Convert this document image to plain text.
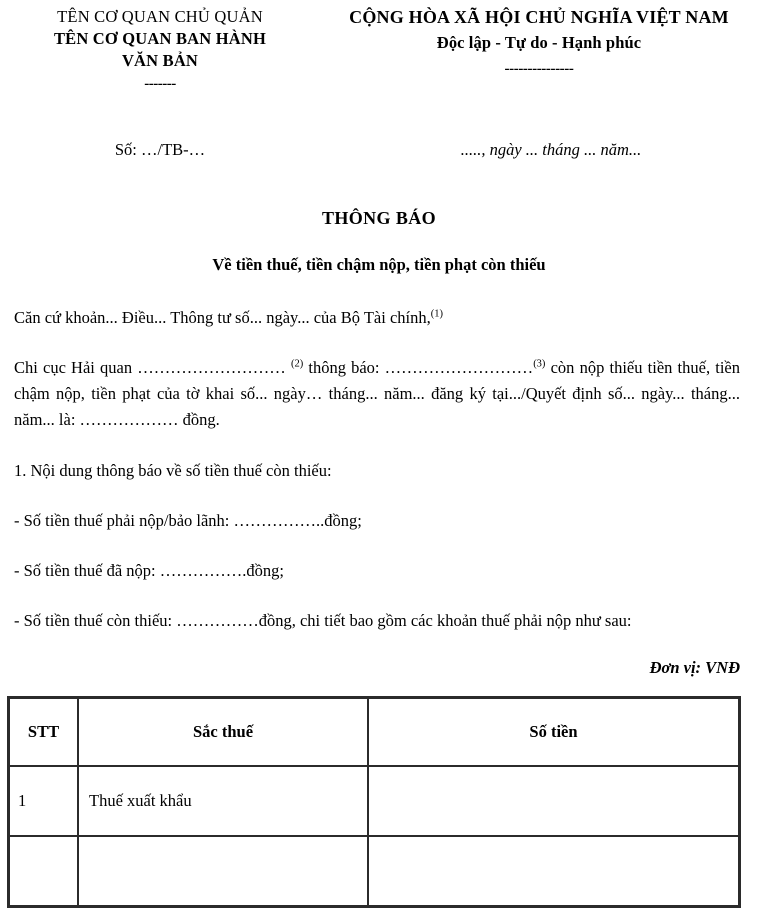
TÊN CƠ QUAN CHỦ QUẢN
TÊN CƠ QUAN BAN HÀNH
VĂN BẢN
-------
CỘNG HÒA XÃ HỘI CHỦ NGHĨA VIỆT NAM
Độc lập - Tự do - Hạnh phúc
---------------
Số: …/TB-…	....., ngày ... tháng ... năm...
THÔNG BÁO
Về tiền thuế, tiền chậm nộp, tiền phạt còn thiếu
Căn cứ khoản... Điều... Thông tư số... ngày... của Bộ Tài chính,$^{(1)}$
Chi cục Hải quan ……………………… $^{(2)}$ thông báo: ………………………$^{(3)}$ còn nộp thiếu tiền thuế, tiền chậm nộp, tiền phạt của tờ khai số... ngày… tháng... năm... đăng ký tại.../Quyết định số... ngày... tháng... năm... là: ……………… đồng.
1. Nội dung thông báo về số tiền thuế còn thiếu:
- Số tiền thuế phải nộp/bảo lãnh: ……………..đồng;
- Số tiền thuế đã nộp: …………….đồng;
- Số tiền thuế còn thiếu: ……………đồng, chi tiết bao gồm các khoản thuế phải nộp như sau:
Đơn vị: VNĐ
STT	Sắc thuế	Số tiền
1	Thuế xuất khẩu	
